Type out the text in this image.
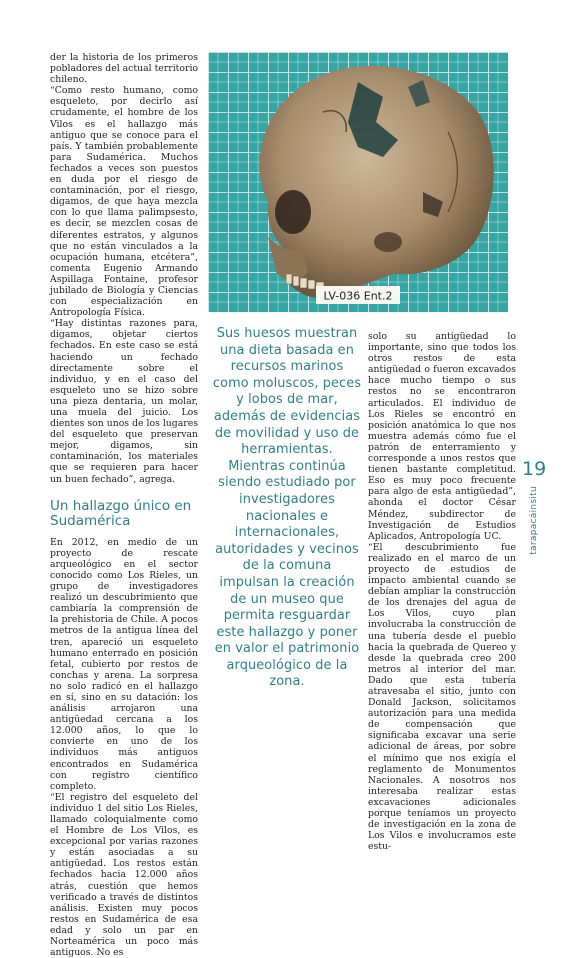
der la historia de los primeros pobladores del actual territorio chileno.

“Como resto humano, como esqueleto, por decirlo así crudamente, el hombre de los Vilos es el hallazgo más antiguo que se conoce para el país. Y también probablemente para Sudamérica. Muchos fechados a veces son puestos en duda por el riesgo de contaminación, por el riesgo, digamos, de que haya mezcla con lo que llama palimpsesto, es decir, se mezclen cosas de diferentes estratos, y algunos que no están vinculados a la ocupación humana, etcétera”, comenta Eugenio Armando Aspillaga Fontaine, profesor jubilado de Biología y Ciencias con especialización en Antropología Física.

“Hay distintas razones para, digamos, objetar ciertos fechados. En este caso se está haciendo un fechado directamente sobre el individuo, y en el caso del esqueleto uno se hizo sobre una pieza dentaria, un molar, una muela del juicio. Los dientes son unos de los lugares del esqueleto que preservan mejor, digamos, sin contaminación, los materiales que se requieren para hacer un buen fechado”, agrega.

Un hallazgo único en Sudamérica

En 2012, en medio de un proyecto de rescate arqueológico en el sector conocido como Los Rieles, un grupo de investigadores realizó un descubrimiento que cambiaría la comprensión de la prehistoria de Chile. A pocos metros de la antigua línea del tren, apareció un esqueleto humano enterrado en posición fetal, cubierto por restos de conchas y arena. La sorpresa no solo radicó en el hallazgo en sí, sino en su datación: los análisis arrojaron una antigüedad cercana a los 12.000 años, lo que lo convierte en uno de los individuos más antiguos encontrados en Sudamérica con registro científico completo.

“El registro del esqueleto del individuo 1 del sitio Los Rieles, llamado coloquialmente como el Hombre de Los Vilos, es excepcional por varias razones y están asociadas a su antigüedad. Los restos están fechados hacia 12.000 años atrás, cuestión que hemos verificado a través de distintos análisis. Existen muy pocos restos en Sudamérica de esa edad y solo un par en Norteamérica un poco más antiguos. No es

LV-036 Ent.2
Sus huesos muestran una dieta basada en recursos marinos como moluscos, peces y lobos de mar, además de evidencias de movilidad y uso de herramientas. Mientras continúa siendo estudiado por investigadores nacionales e internacionales, autoridades y vecinos de la comuna impulsan la creación de un museo que permita resguardar este hallazgo y poner en valor el patrimonio arqueológico de la zona.

solo su antigüedad lo importante, sino que todos los otros restos de esta antigüedad o fueron excavados hace mucho tiempo o sus restos no se encontraron articulados. El individuo de Los Rieles se encontró en posición anatómica lo que nos muestra además cómo fue el patrón de enterramiento y corresponde a unos restos que tienen bastante completitud. Eso es muy poco frecuente para algo de esta antigüedad”, ahonda el doctor César Méndez, subdirector de Investigación de Estudios Aplicados, Antropología UC.

“El descubrimiento fue realizado en el marco de un proyecto de estudios de impacto ambiental cuando se debían ampliar la construcción de los drenajes del agua de Los Vilos, cuyo plan involucraba la construcción de una tubería desde el pueblo hacia la quebrada de Quereo y desde la quebrada creo 200 metros al interior del mar. Dado que esta tubería atravesaba el sitio, junto con Donald Jackson, solicitamos autorización para una medida de compensación que significaba excavar una serie adicional de áreas, por sobre el mínimo que nos exigía el reglamento de Monumentos Nacionales. A nosotros nos interesaba realizar estas excavaciones adicionales porque teníamos un proyecto de investigación en la zona de Los Vilos e involucramos este estu-

19
tarapacáinsitu
